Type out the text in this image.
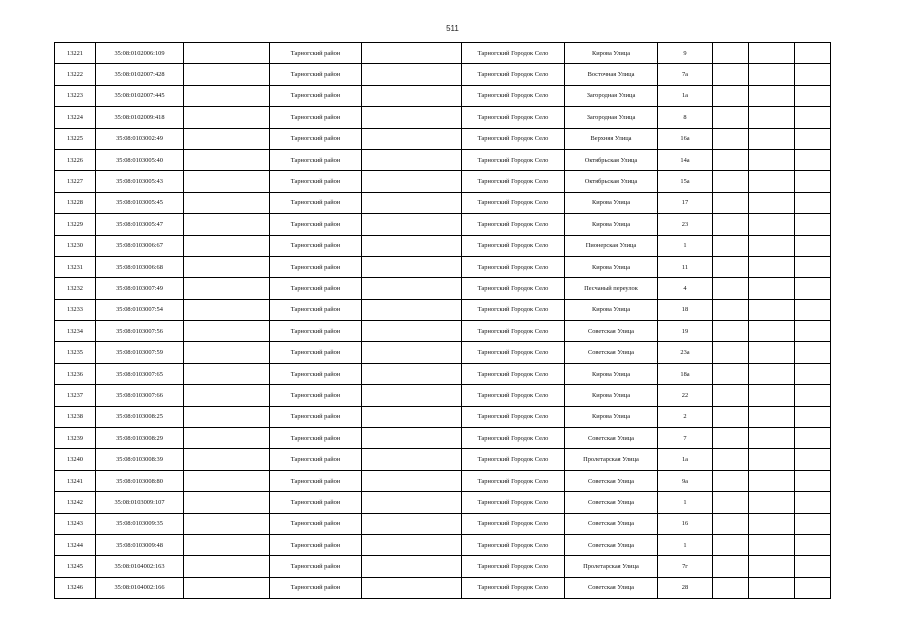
511
13221	35:08:0102006:109		Тарногский район		Тарногский Городок Село	Кирова Улица	9			
13222	35:08:0102007:428		Тарногский район		Тарногский Городок Село	Восточная Улица	7а			
13223	35:08:0102007:445		Тарногский район		Тарногский Городок Село	Загородная Улица	1а			
13224	35:08:0102009:418		Тарногский район		Тарногский Городок Село	Загородная Улица	8			
13225	35:08:0103002:49		Тарногский район		Тарногский Городок Село	Верхняя Улица	16а			
13226	35:08:0103005:40		Тарногский район		Тарногский Городок Село	Октябрьская Улица	14а			
13227	35:08:0103005:43		Тарногский район		Тарногский Городок Село	Октябрьская Улица	15а			
13228	35:08:0103005:45		Тарногский район		Тарногский Городок Село	Кирова Улица	17			
13229	35:08:0103005:47		Тарногский район		Тарногский Городок Село	Кирова Улица	23			
13230	35:08:0103006:67		Тарногский район		Тарногский Городок Село	Пионерская Улица	1			
13231	35:08:0103006:68		Тарногский район		Тарногский Городок Село	Кирова Улица	11			
13232	35:08:0103007:49		Тарногский район		Тарногский Городок Село	Песчаный переулок	4			
13233	35:08:0103007:54		Тарногский район		Тарногский Городок Село	Кирова Улица	18			
13234	35:08:0103007:56		Тарногский район		Тарногский Городок Село	Советская Улица	19			
13235	35:08:0103007:59		Тарногский район		Тарногский Городок Село	Советская Улица	23а			
13236	35:08:0103007:65		Тарногский район		Тарногский Городок Село	Кирова Улица	18а			
13237	35:08:0103007:66		Тарногский район		Тарногский Городок Село	Кирова Улица	22			
13238	35:08:0103008:25		Тарногский район		Тарногский Городок Село	Кирова Улица	2			
13239	35:08:0103008:29		Тарногский район		Тарногский Городок Село	Советская Улица	7			
13240	35:08:0103008:39		Тарногский район		Тарногский Городок Село	Пролетарская Улица	1а			
13241	35:08:0103008:80		Тарногский район		Тарногский Городок Село	Советская Улица	9а			
13242	35:08:0103009:107		Тарногский район		Тарногский Городок Село	Советская Улица	1			
13243	35:08:0103009:35		Тарногский район		Тарногский Городок Село	Советская Улица	16			
13244	35:08:0103009:48		Тарногский район		Тарногский Городок Село	Советская Улица	1			
13245	35:08:0104002:163		Тарногский район		Тарногский Городок Село	Пролетарская Улица	7г			
13246	35:08:0104002:166		Тарногский район		Тарногский Городок Село	Советская Улица	28			
